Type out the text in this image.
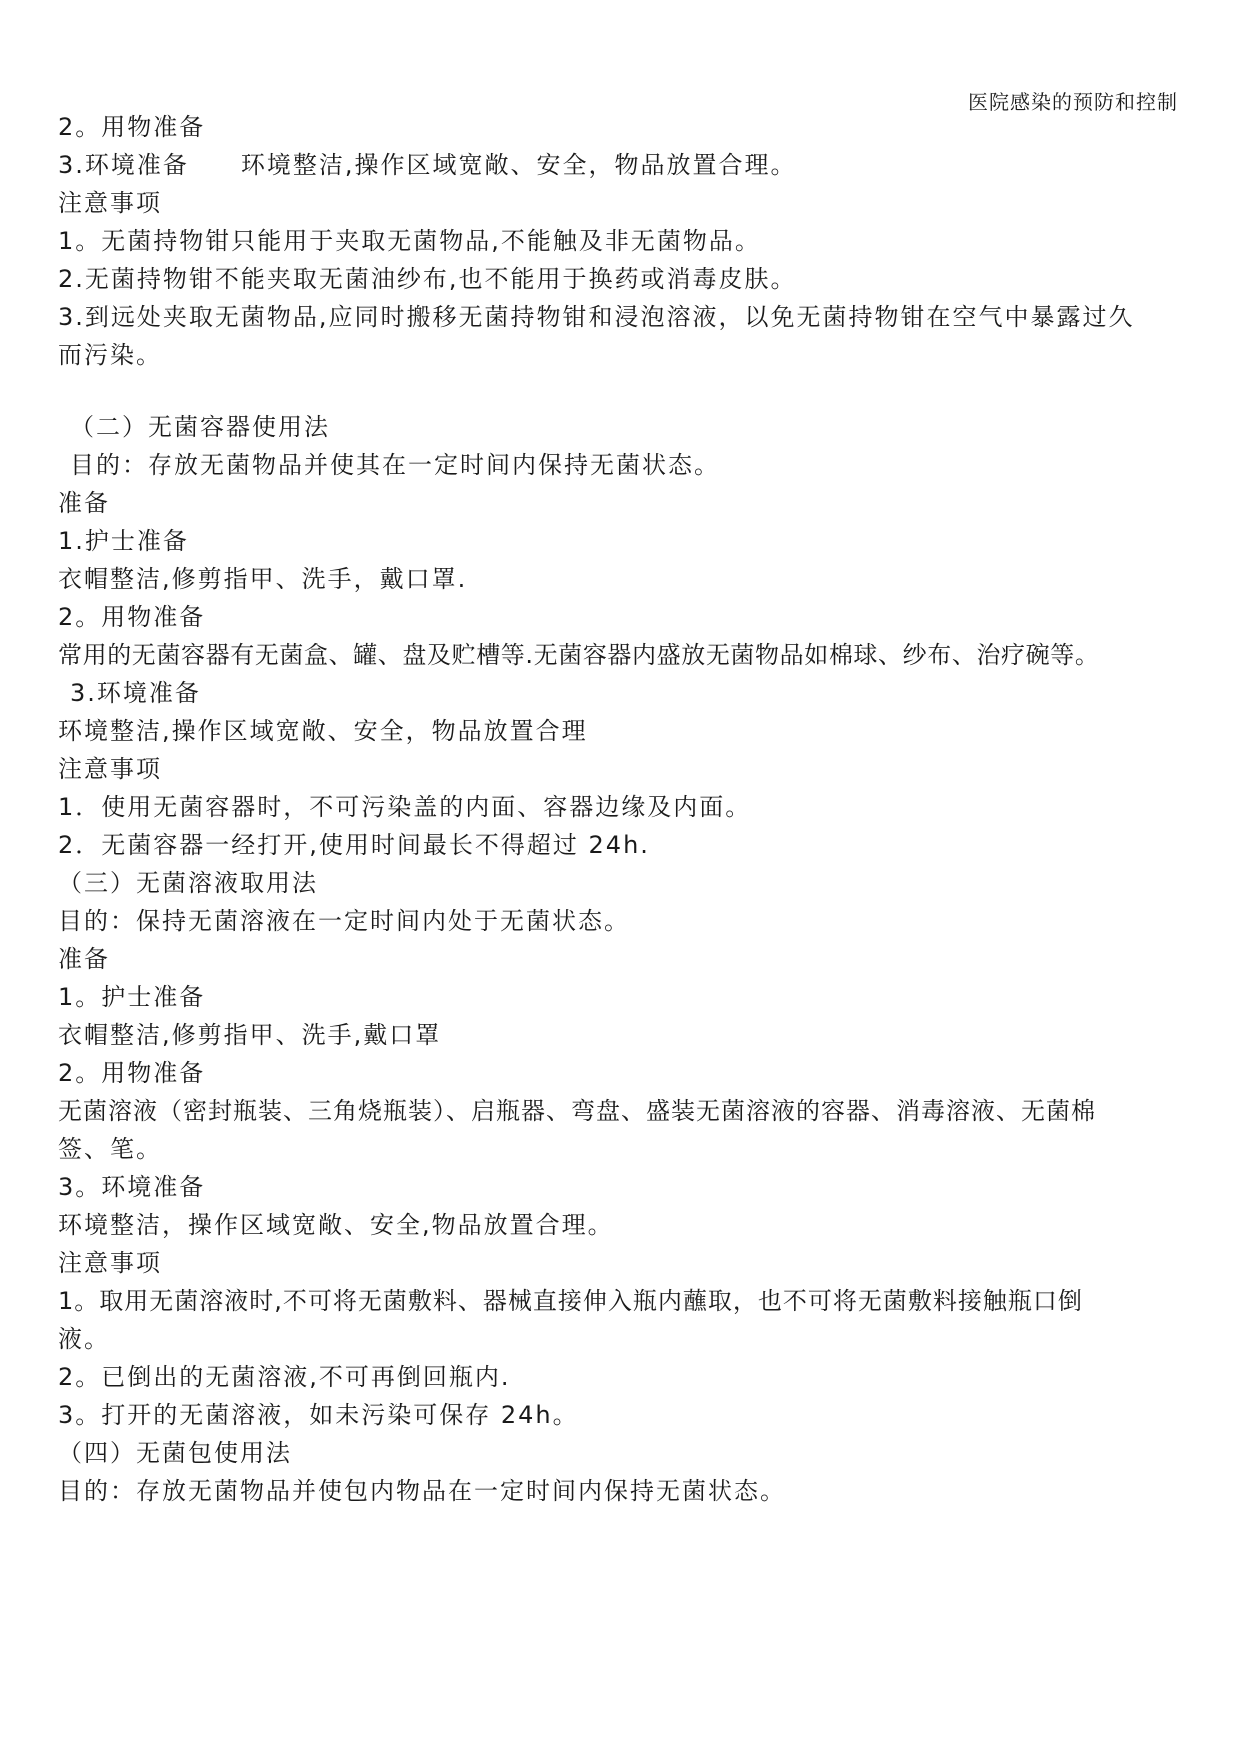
医院感染的预防和控制
2。用物准备
3.环境准备　　环境整洁,操作区域宽敞、安全，物品放置合理。
注意事项
1。无菌持物钳只能用于夹取无菌物品,不能触及非无菌物品。
2.无菌持物钳不能夹取无菌油纱布,也不能用于换药或消毒皮肤。
3.到远处夹取无菌物品,应同时搬移无菌持物钳和浸泡溶液，以免无菌持物钳在空气中暴露过久
而污染。
（二）无菌容器使用法
目的：存放无菌物品并使其在一定时间内保持无菌状态。
准备
1.护士准备
衣帽整洁,修剪指甲、洗手，戴口罩.
2。用物准备
常用的无菌容器有无菌盒、罐、盘及贮槽等.无菌容器内盛放无菌物品如棉球、纱布、治疗碗等。
3.环境准备
环境整洁,操作区域宽敞、安全，物品放置合理
注意事项
1．使用无菌容器时，不可污染盖的内面、容器边缘及内面。
2．无菌容器一经打开,使用时间最长不得超过 24h.
（三）无菌溶液取用法
目的：保持无菌溶液在一定时间内处于无菌状态。
准备
1。护士准备
衣帽整洁,修剪指甲、洗手,戴口罩
2。用物准备
无菌溶液（密封瓶装、三角烧瓶装）、启瓶器、弯盘、盛装无菌溶液的容器、消毒溶液、无菌棉
签、笔。
3。环境准备
环境整洁，操作区域宽敞、安全,物品放置合理。
注意事项
1。取用无菌溶液时,不可将无菌敷料、器械直接伸入瓶内蘸取，也不可将无菌敷料接触瓶口倒
液。
2。已倒出的无菌溶液,不可再倒回瓶内.
3。打开的无菌溶液，如未污染可保存 24h。
（四）无菌包使用法
目的：存放无菌物品并使包内物品在一定时间内保持无菌状态。
